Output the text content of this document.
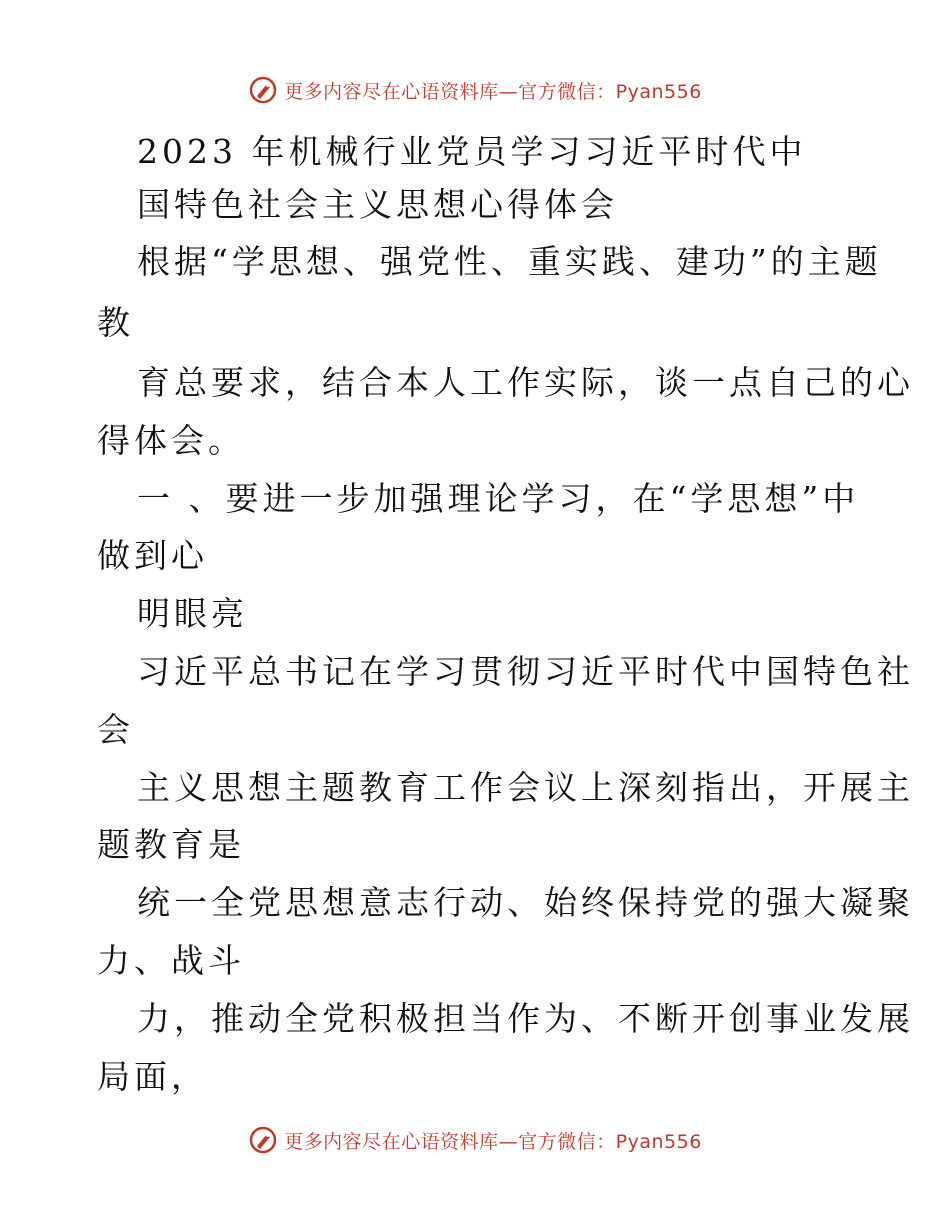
更多内容尽在心语资料库—官方微信：Pyan556
2023 年机械行业党员学习习近平时代中
国特色社会主义思想心得体会
根据“学思想、强党性、重实践、建功”的主题
教
育总要求，结合本人工作实际，谈一点自己的心
得体会。
一 、要进一步加强理论学习，在“学思想”中
做到心
明眼亮
习近平总书记在学习贯彻习近平时代中国特色社
会
主义思想主题教育工作会议上深刻指出，开展主
题教育是
统一全党思想意志行动、始终保持党的强大凝聚
力、战斗
力，推动全党积极担当作为、不断开创事业发展
局面，
更多内容尽在心语资料库—官方微信：Pyan556
